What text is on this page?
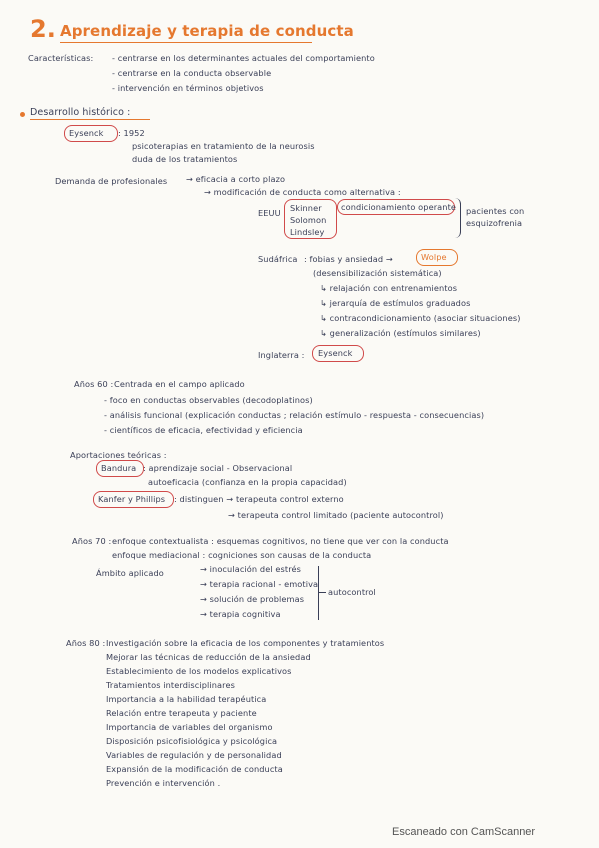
2. Aprendizaje y terapia de conducta
Características: - centrarse en los determinantes actuales del comportamiento
- centrarse en la conducta observable
- intervención en términos objetivos
Desarrollo histórico :
Eysenck : 1952
psicoterapias en tratamiento de la neurosis
duda de los tratamientos
Demanda de profesionales → eficacia a corto plazo
→ modificación de conducta como alternativa :
EEUU Skinner
Solomon
Lindsley
condicionamiento operante pacientes con
esquizofrenia
Sudáfrica : fobias y ansiedad →	Wolpe
(desensibilización sistemática)
↳ relajación con entrenamientos
↳ jerarquía de estímulos graduados
↳ contracondicionamiento (asociar situaciones)
↳ generalización (estímulos similares)
Inglaterra : Eysenck
Años 60 : Centrada en el campo aplicado
- foco en conductas observables (decodoplatinos)
- análisis funcional (explicación conductas ; relación estímulo - respuesta - consecuencias)
- científicos de eficacia, efectividad y eficiencia
Aportaciones teóricas :
Bandura : aprendizaje social - Observacional
autoeficacia (confianza en la propia capacidad)
Kanfer y Phillips : distinguen → terapeuta control externo
→ terapeuta control limitado (paciente autocontrol)
Años 70 : enfoque contextualista : esquemas cognitivos, no tiene que ver con la conducta
enfoque mediacional : cogniciones son causas de la conducta
Ámbito aplicado	→ inoculación del estrés
→ terapia racional - emotiva
→ solución de problemas
→ terapia cognitiva
autocontrol
Años 80 : Investigación sobre la eficacia de los componentes y tratamientos
Mejorar las técnicas de reducción de la ansiedad
Establecimiento de los modelos explicativos
Tratamientos interdisciplinares
Importancia a la habilidad terapéutica
Relación entre terapeuta y paciente
Importancia de variables del organismo
Disposición psicofisiológica y psicológica
Variables de regulación y de personalidad
Expansión de la modificación de conducta
Prevención e intervención .
Escaneado con CamScanner
